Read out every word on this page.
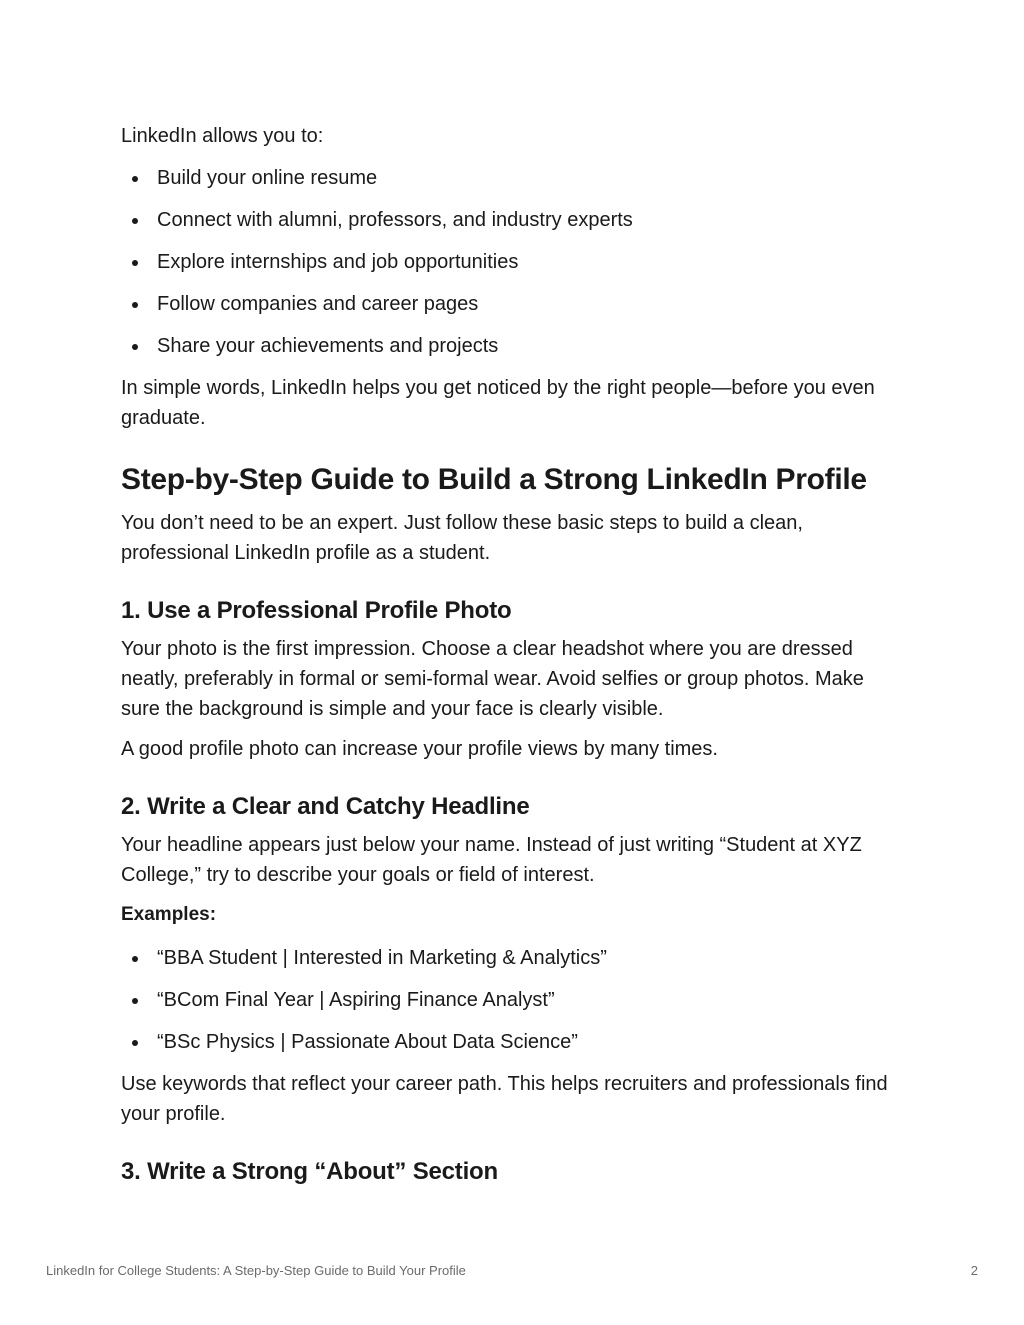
LinkedIn allows you to:

Build your online resume
Connect with alumni, professors, and industry experts
Explore internships and job opportunities
Follow companies and career pages
Share your achievements and projects

In simple words, LinkedIn helps you get noticed by the right people—before you even graduate.

Step-by-Step Guide to Build a Strong LinkedIn Profile

You don’t need to be an expert. Just follow these basic steps to build a clean, professional LinkedIn profile as a student.

1. Use a Professional Profile Photo

Your photo is the first impression. Choose a clear headshot where you are dressed neatly, preferably in formal or semi-formal wear. Avoid selfies or group photos. Make sure the background is simple and your face is clearly visible.

A good profile photo can increase your profile views by many times.

2. Write a Clear and Catchy Headline

Your headline appears just below your name. Instead of just writing “Student at XYZ College,” try to describe your goals or field of interest.

Examples:

“BBA Student | Interested in Marketing & Analytics”
“BCom Final Year | Aspiring Finance Analyst”
“BSc Physics | Passionate About Data Science”

Use keywords that reflect your career path. This helps recruiters and professionals find your profile.

3. Write a Strong “About” Section
LinkedIn for College Students: A Step-by-Step Guide to Build Your Profile	2
